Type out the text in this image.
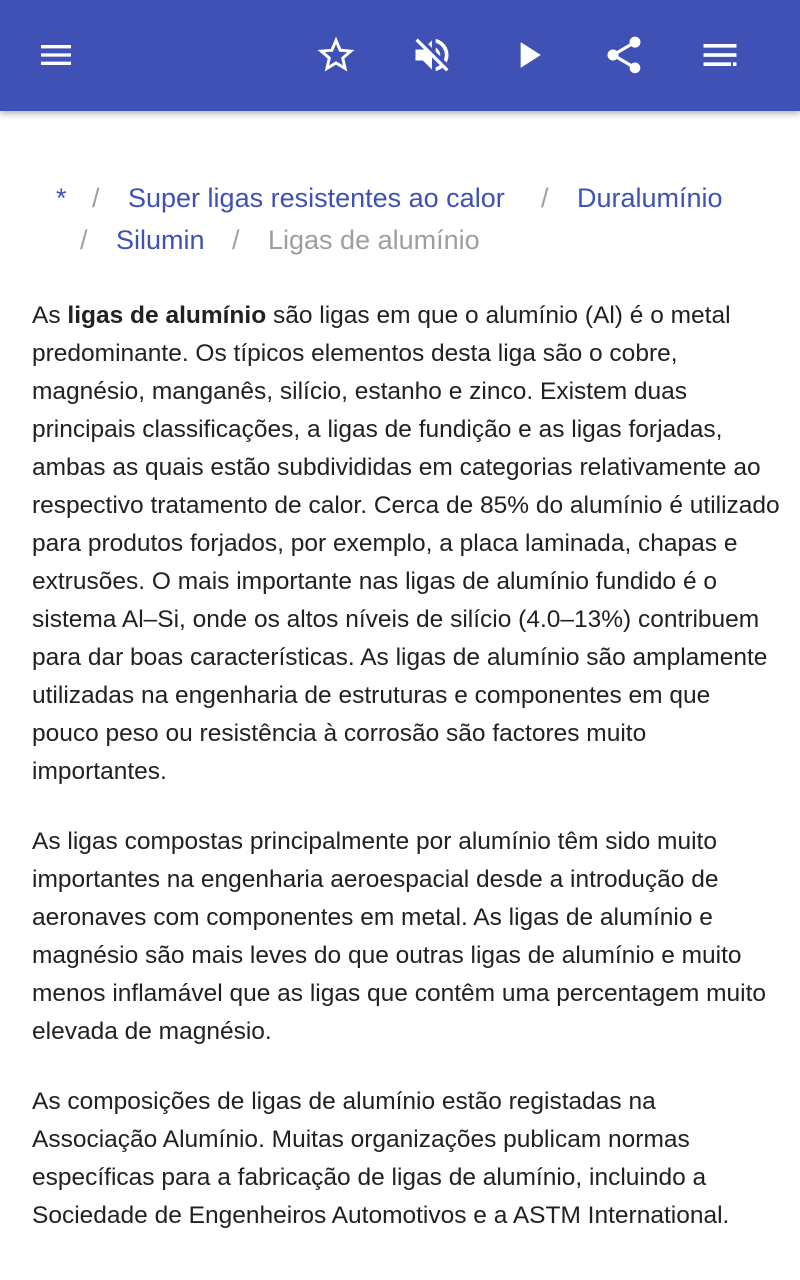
* / Super ligas resistentes ao calor / Duralumínio
/ Silumin / Ligas de alumínio

As ligas de alumínio são ligas em que o alumínio (Al) é o metal predominante. Os típicos elementos desta liga são o cobre, magnésio, manganês, silício, estanho e zinco. Existem duas principais classificações, a ligas de fundição e as ligas forjadas, ambas as quais estão subdivididas em categorias relativamente ao respectivo tratamento de calor. Cerca de 85% do alumínio é utilizado para produtos forjados, por exemplo, a placa laminada, chapas e extrusões. O mais importante nas ligas de alumínio fundido é o sistema Al–Si, onde os altos níveis de silício (4.0–13%) contribuem para dar boas características. As ligas de alumínio são amplamente utilizadas na engenharia de estruturas e componentes em que pouco peso ou resistência à corrosão são factores muito importantes.

As ligas compostas principalmente por alumínio têm sido muito importantes na engenharia aeroespacial desde a introdução de aeronaves com componentes em metal. As ligas de alumínio e magnésio são mais leves do que outras ligas de alumínio e muito menos inflamável que as ligas que contêm uma percentagem muito elevada de magnésio.

As composições de ligas de alumínio estão registadas na Associação Alumínio. Muitas organizações publicam normas específicas para a fabricação de ligas de alumínio, incluindo a Sociedade de Engenheiros Automotivos e a ASTM International.
